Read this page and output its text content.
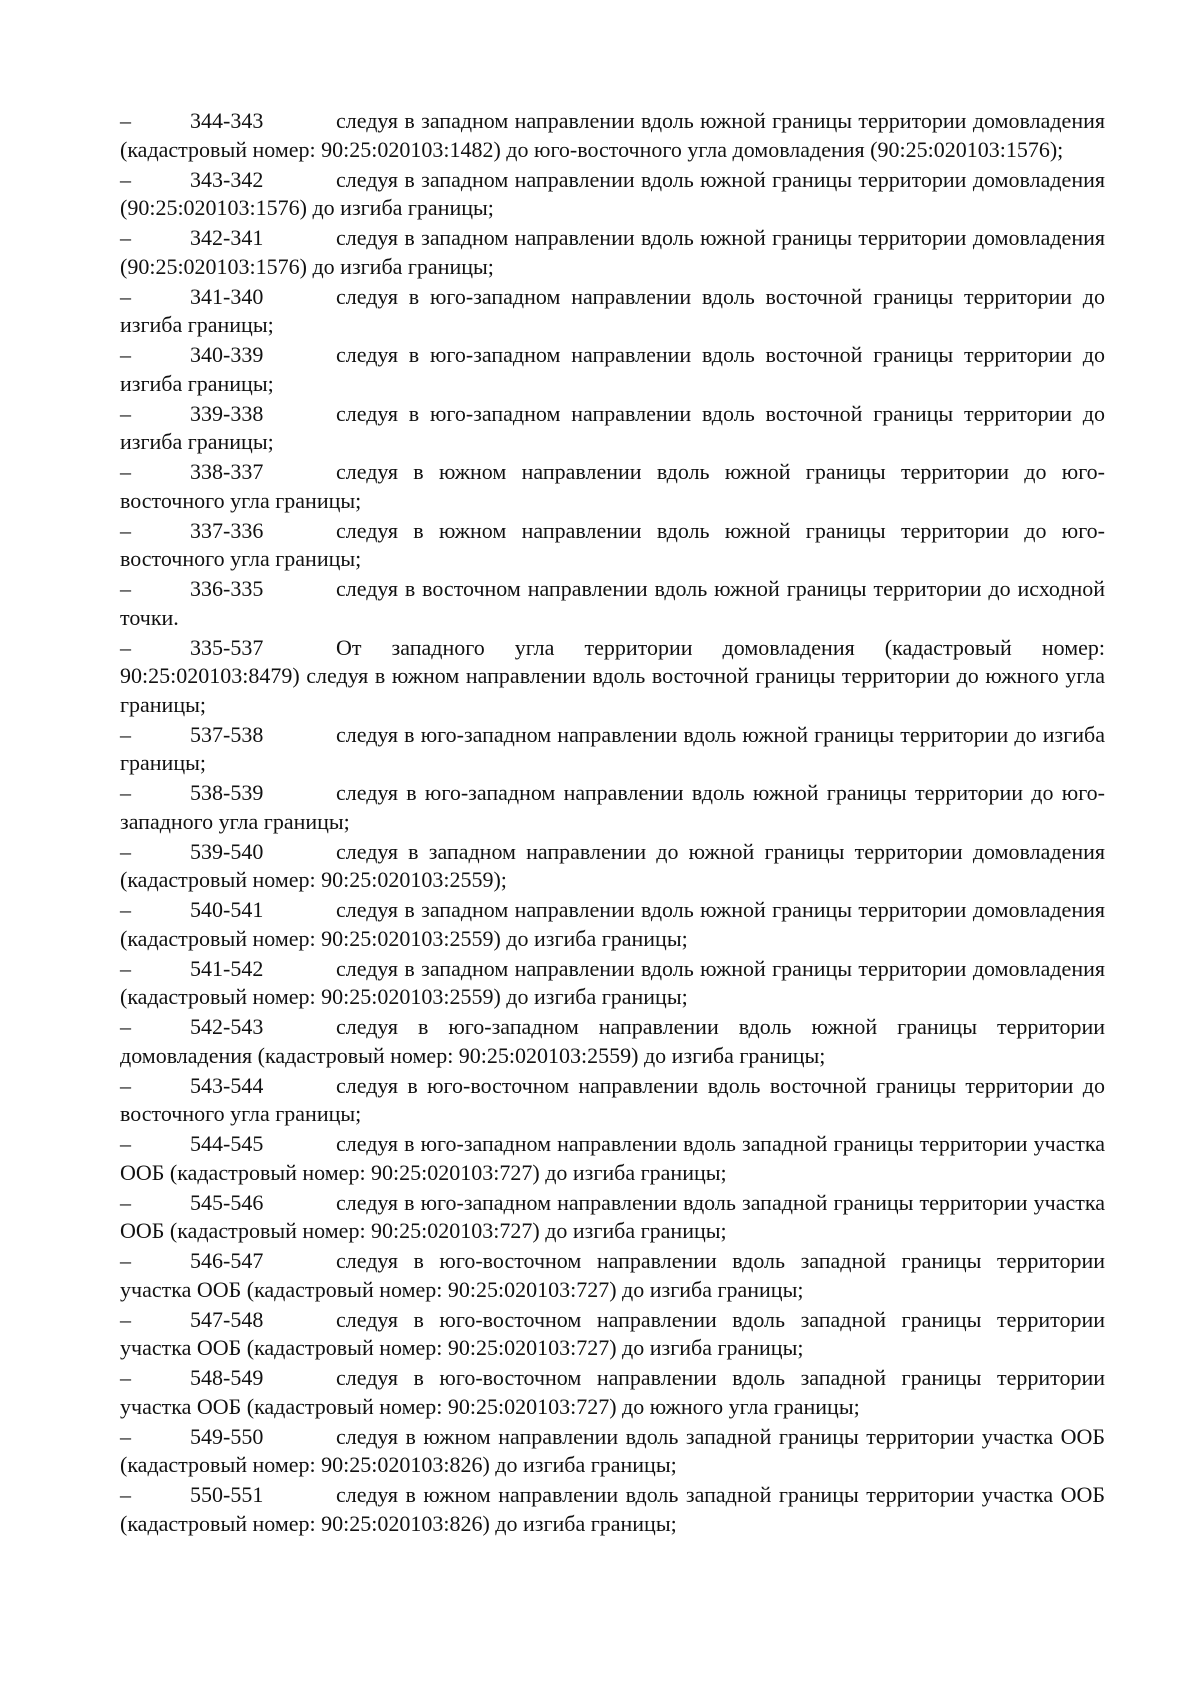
–	344-343	следуя в западном направлении вдоль южной границы территории домовладения (кадастровый номер: 90:25:020103:1482) до юго-восточного угла домовладения (90:25:020103:1576);

–	343-342	следуя в западном направлении вдоль южной границы территории домовладения (90:25:020103:1576) до изгиба границы;

–	342-341	следуя в западном направлении вдоль южной границы территории домовладения (90:25:020103:1576) до изгиба границы;

–	341-340	следуя в юго-западном направлении вдоль восточной границы территории до изгиба границы;

–	340-339	следуя в юго-западном направлении вдоль восточной границы территории до изгиба границы;

–	339-338	следуя в юго-западном направлении вдоль восточной границы территории до изгиба границы;

–	338-337	следуя в южном направлении вдоль южной границы территории до юго-восточного угла границы;

–	337-336	следуя в южном направлении вдоль южной границы территории до юго-восточного угла границы;

–	336-335	следуя в восточном направлении вдоль южной границы территории до исходной точки.

–	335-537	От западного угла территории домовладения (кадастровый номер: 90:25:020103:8479) следуя в южном направлении вдоль восточной границы территории до южного угла границы;

–	537-538	следуя в юго-западном направлении вдоль южной границы территории до изгиба границы;

–	538-539	следуя в юго-западном направлении вдоль южной границы территории до юго-западного угла границы;

–	539-540	следуя в западном направлении до южной границы территории домовладения (кадастровый номер: 90:25:020103:2559);

–	540-541	следуя в западном направлении вдоль южной границы территории домовладения (кадастровый номер: 90:25:020103:2559) до изгиба границы;

–	541-542	следуя в западном направлении вдоль южной границы территории домовладения (кадастровый номер: 90:25:020103:2559) до изгиба границы;

–	542-543	следуя в юго-западном направлении вдоль южной границы территории домовладения (кадастровый номер: 90:25:020103:2559) до изгиба границы;

–	543-544	следуя в юго-восточном направлении вдоль восточной границы территории до восточного угла границы;

–	544-545	следуя в юго-западном направлении вдоль западной границы территории участка ООБ (кадастровый номер: 90:25:020103:727) до изгиба границы;

–	545-546	следуя в юго-западном направлении вдоль западной границы территории участка ООБ (кадастровый номер: 90:25:020103:727) до изгиба границы;

–	546-547	следуя в юго-восточном направлении вдоль западной границы территории участка ООБ (кадастровый номер: 90:25:020103:727) до изгиба границы;

–	547-548	следуя в юго-восточном направлении вдоль западной границы территории участка ООБ (кадастровый номер: 90:25:020103:727) до изгиба границы;

–	548-549	следуя в юго-восточном направлении вдоль западной границы территории участка ООБ (кадастровый номер: 90:25:020103:727) до южного угла границы;

–	549-550	следуя в южном направлении вдоль западной границы территории участка ООБ (кадастровый номер: 90:25:020103:826) до изгиба границы;

–	550-551	следуя в южном направлении вдоль западной границы территории участка ООБ (кадастровый номер: 90:25:020103:826) до изгиба границы;
